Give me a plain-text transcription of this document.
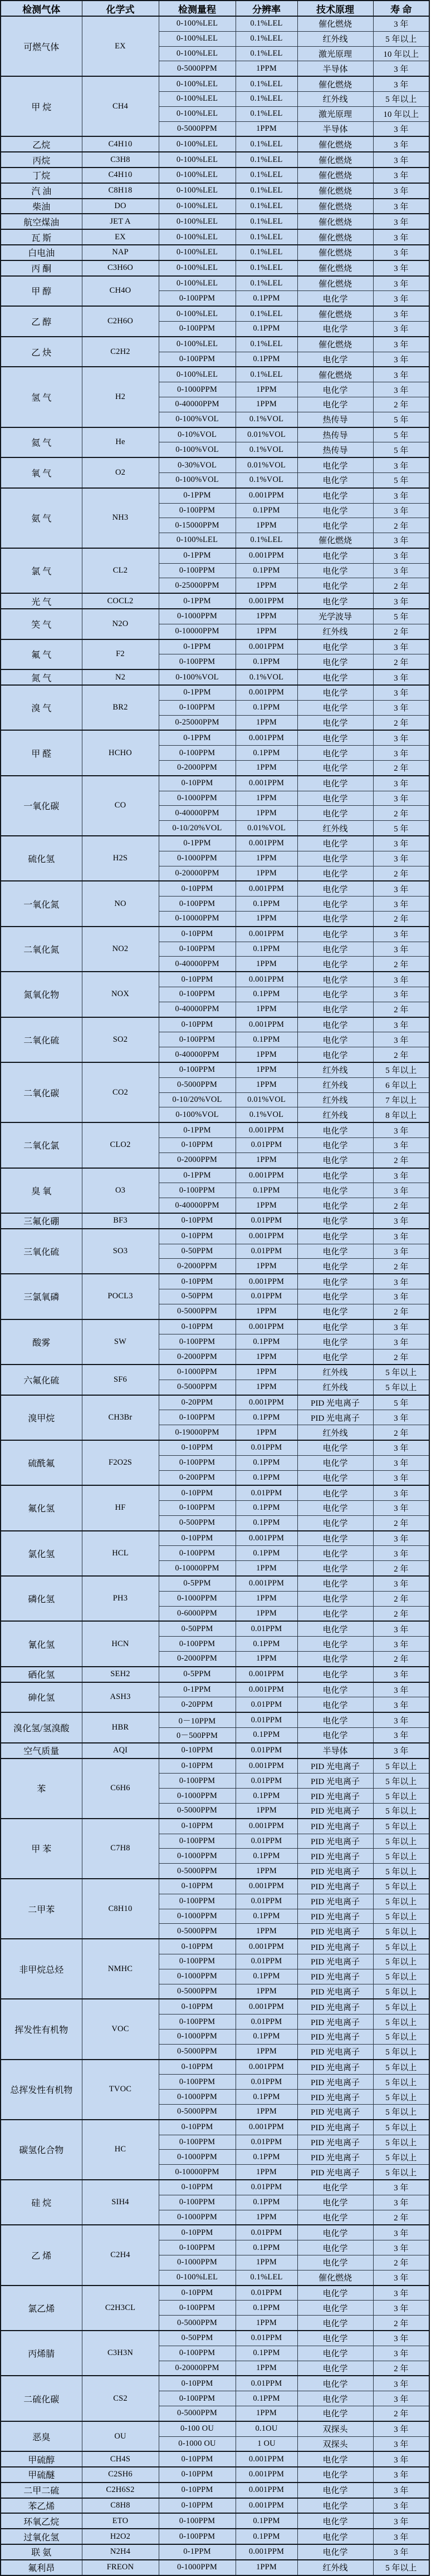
检测气体	化学式	检测量程	分辨率	技术原理	寿 命
可燃气体	EX	0-100%LEL	0.1%LEL	催化燃烧	3 年
		0-100%LEL	0.1%LEL	红外线	5 年以上
		0-100%LEL	0.1%LEL	激光原理	10 年以上
		0-5000PPM	1PPM	半导体	3 年
甲 烷	CH4	0-100%LEL	0.1%LEL	催化燃烧	3 年
		0-100%LEL	0.1%LEL	红外线	5 年以上
		0-100%LEL	0.1%LEL	激光原理	10 年以上
		0-5000PPM	1PPM	半导体	3 年
乙烷	C4H10	0-100%LEL	0.1%LEL	催化燃烧	3 年
丙烷	C3H8	0-100%LEL	0.1%LEL	催化燃烧	3 年
丁烷	C4H10	0-100%LEL	0.1%LEL	催化燃烧	3 年
汽 油	C8H18	0-100%LEL	0.1%LEL	催化燃烧	3 年
柴油	DO	0-100%LEL	0.1%LEL	催化燃烧	3 年
航空煤油	JET A	0-100%LEL	0.1%LEL	催化燃烧	3 年
瓦 斯	EX	0-100%LEL	0.1%LEL	催化燃烧	3 年
白电油	NAP	0-100%LEL	0.1%LEL	催化燃烧	3 年
丙 酮	C3H6O	0-100%LEL	0.1%LEL	催化燃烧	3 年
甲 醇	CH4O	0-100%LEL	0.1%LEL	催化燃烧	3 年
		0-100PPM	0.1PPM	电化学	3 年
乙 醇	C2H6O	0-100%LEL	0.1%LEL	催化燃烧	3 年
		0-100PPM	0.1PPM	电化学	3 年
乙 炔	C2H2	0-100%LEL	0.1%LEL	催化燃烧	3 年
		0-100PPM	0.1PPM	电化学	3 年
氢 气	H2	0-100%LEL	0.1%LEL	催化燃烧	3 年
		0-1000PPM	1PPM	电化学	3 年
		0-40000PPM	1PPM	电化学	2 年
		0-100%VOL	0.1%VOL	热传导	5 年
氦 气	He	0-10%VOL	0.01%VOL	热传导	5 年
		0-100%VOL	0.1%VOL	热传导	5 年
氧 气	O2	0-30%VOL	0.01%VOL	电化学	3 年
		0-100%VOL	0.1%VOL	电化学	5 年
氨 气	NH3	0-1PPM	0.001PPM	电化学	3 年
		0-100PPM	0.1PPM	电化学	3 年
		0-15000PPM	1PPM	电化学	2 年
		0-100%LEL	0.1%LEL	催化燃烧	3 年
氯 气	CL2	0-1PPM	0.001PPM	电化学	3 年
		0-100PPM	0.1PPM	电化学	3 年
		0-25000PPM	1PPM	电化学	2 年
光 气	COCL2	0-1PPM	0.001PPM	电化学	3 年
笑 气	N2O	0-1000PPM	1PPM	光学波导	5 年
		0-10000PPM	1PPM	红外线	2 年
氟 气	F2	0-1PPM	0.001PPM	电化学	3 年
		0-100PPM	0.1PPM	电化学	2 年
氮 气	N2	0-100%VOL	0.1%VOL	电化学	3 年
溴 气	BR2	0-1PPM	0.001PPM	电化学	3 年
		0-100PPM	0.1PPM	电化学	3 年
		0-25000PPM	1PPM	电化学	2 年
甲 醛	HCHO	0-1PPM	0.001PPM	电化学	3 年
		0-100PPM	0.1PPM	电化学	3 年
		0-2000PPM	1PPM	电化学	2 年
一氧化碳	CO	0-10PPM	0.001PPM	电化学	3 年
		0-1000PPM	1PPM	电化学	3 年
		0-40000PPM	1PPM	电化学	2 年
		0-10/20%VOL	0.01%VOL	红外线	5 年
硫化氢	H2S	0-1PPM	0.001PPM	电化学	3 年
		0-1000PPM	1PPM	电化学	3 年
		0-20000PPM	1PPM	电化学	2 年
一氧化氮	NO	0-10PPM	0.001PPM	电化学	3 年
		0-100PPM	0.1PPM	电化学	3 年
		0-10000PPM	1PPM	电化学	2 年
二氧化氮	NO2	0-10PPM	0.001PPM	电化学	3 年
		0-100PPM	0.1PPM	电化学	3 年
		0-40000PPM	1PPM	电化学	2 年
氮氧化物	NOX	0-10PPM	0.001PPM	电化学	3 年
		0-100PPM	0.1PPM	电化学	3 年
		0-40000PPM	1PPM	电化学	2 年
二氧化硫	SO2	0-10PPM	0.001PPM	电化学	3 年
		0-100PPM	0.1PPM	电化学	3 年
		0-40000PPM	1PPM	电化学	2 年
二氧化碳	CO2	0-100PPM	1PPM	红外线	5 年以上
		0-5000PPM	1PPM	红外线	6 年以上
		0-10/20%VOL	0.01%VOL	红外线	7 年以上
		0-100%VOL	0.1%VOL	红外线	8 年以上
二氧化氯	CLO2	0-1PPM	0.001PPM	电化学	3 年
		0-10PPM	0.01PPM	电化学	3 年
		0-2000PPM	1PPM	电化学	2 年
臭 氧	O3	0-1PPM	0.001PPM	电化学	3 年
		0-100PPM	0.1PPM	电化学	3 年
		0-40000PPM	1PPM	电化学	2 年
三氟化硼	BF3	0-10PPM	0.01PPM	电化学	3 年
三氧化硫	SO3	0-10PPM	0.001PPM	电化学	3 年
		0-50PPM	0.01PPM	电化学	3 年
		0-2000PPM	1PPM	电化学	2 年
三氯氧磷	POCL3	0-10PPM	0.001PPM	电化学	3 年
		0-50PPM	0.01PPM	电化学	3 年
		0-5000PPM	1PPM	电化学	2 年
酸雾	SW	0-10PPM	0.001PPM	电化学	3 年
		0-100PPM	0.1PPM	电化学	3 年
		0-2000PPM	1PPM	电化学	2 年
六氟化硫	SF6	0-1000PPM	1PPM	红外线	5 年以上
		0-5000PPM	1PPM	红外线	5 年以上
溴甲烷	CH3Br	0-20PPM	0.001PPM	PID 光电离子	5 年
		0-100PPM	0.1PPM	PID 光电离子	3 年
		0-19000PPM	1PPM	红外线	2 年
硫酰氟	F2O2S	0-10PPM	0.01PPM	电化学	3 年
		0-100PPM	0.1PPM	电化学	3 年
		0-200PPM	0.1PPM	电化学	3 年
氟化氢	HF	0-10PPM	0.01PPM	电化学	3 年
		0-100PPM	0.1PPM	电化学	3 年
		0-500PPM	0.1PPM	电化学	2 年
氯化氢	HCL	0-10PPM	0.001PPM	电化学	3 年
		0-100PPM	0.1PPM	电化学	3 年
		0-10000PPM	1PPM	电化学	2 年
磷化氢	PH3	0-5PPM	0.001PPM	电化学	3 年
		0-1000PPM	1PPM	电化学	2 年
		0-6000PPM	1PPM	电化学	2 年
氰化氢	HCN	0-50PPM	0.01PPM	电化学	3 年
		0-100PPM	0.1PPM	电化学	3 年
		0-2000PPM	1PPM	电化学	2 年
硒化氢	SEH2	0-5PPM	0.001PPM	电化学	3 年
砷化氢	ASH3	0-1PPM	0.001PPM	电化学	3 年
		0-20PPM	0.01PPM	电化学	3 年
溴化氢/氢溴酸	HBR	0－10PPM	0.01PPM	电化学	3 年
		0－500PPM	0.1PPM	电化学	3 年
空气质量	AQI	0-10PPM	0.01PPM	半导体	3 年
苯	C6H6	0-10PPM	0.001PPM	PID 光电离子	5 年以上
		0-100PPM	0.01PPM	PID 光电离子	5 年以上
		0-1000PPM	0.1PPM	PID 光电离子	5 年以上
		0-5000PPM	1PPM	PID 光电离子	5 年以上
甲 苯	C7H8	0-10PPM	0.001PPM	PID 光电离子	5 年以上
		0-100PPM	0.01PPM	PID 光电离子	5 年以上
		0-1000PPM	0.1PPM	PID 光电离子	5 年以上
		0-5000PPM	1PPM	PID 光电离子	5 年以上
二甲苯	C8H10	0-10PPM	0.001PPM	PID 光电离子	5 年以上
		0-100PPM	0.01PPM	PID 光电离子	5 年以上
		0-1000PPM	0.1PPM	PID 光电离子	5 年以上
		0-5000PPM	1PPM	PID 光电离子	5 年以上
非甲烷总烃	NMHC	0-10PPM	0.001PPM	PID 光电离子	5 年以上
		0-100PPM	0.01PPM	PID 光电离子	5 年以上
		0-1000PPM	0.1PPM	PID 光电离子	5 年以上
		0-5000PPM	1PPM	PID 光电离子	5 年以上
挥发性有机物	VOC	0-10PPM	0.001PPM	PID 光电离子	5 年以上
		0-100PPM	0.01PPM	PID 光电离子	5 年以上
		0-1000PPM	0.1PPM	PID 光电离子	5 年以上
		0-5000PPM	1PPM	PID 光电离子	5 年以上
总挥发性有机物	TVOC	0-10PPM	0.001PPM	PID 光电离子	5 年以上
		0-100PPM	0.01PPM	PID 光电离子	5 年以上
		0-1000PPM	0.1PPM	PID 光电离子	5 年以上
		0-5000PPM	1PPM	PID 光电离子	5 年以上
碳氢化合物	HC	0-10PPM	0.001PPM	PID 光电离子	5 年以上
		0-100PPM	0.01PPM	PID 光电离子	5 年以上
		0-1000PPM	0.1PPM	PID 光电离子	5 年以上
		0-10000PPM	1PPM	PID 光电离子	5 年以上
硅 烷	SIH4	0-10PPM	0.01PPM	电化学	3 年
		0-100PPM	0.1PPM	电化学	3 年
		0-1000PPM	1PPM	电化学	2 年
乙 烯	C2H4	0-10PPM	0.01PPM	电化学	3 年
		0-100PPM	0.1PPM	电化学	3 年
		0-1000PPM	1PPM	电化学	2 年
		0-100%LEL	0.1%LEL	催化燃烧	3 年
氯乙烯	C2H3CL	0-10PPM	0.01PPM	电化学	3 年
		0-100PPM	0.1PPM	电化学	3 年
		0-5000PPM	1PPM	电化学	2 年
丙烯腈	C3H3N	0-50PPM	0.01PPM	电化学	3 年
		0-100PPM	0.1PPM	电化学	3 年
		0-20000PPM	1PPM	电化学	2 年
二硫化碳	CS2	0-10PPM	0.01PPM	电化学	3 年
		0-100PPM	0.1PPM	电化学	3 年
		0-5000PPM	1PPM	电化学	2 年
恶臭	OU	0-100 OU	0.1OU	双探头	3 年
		0-1000 OU	1 OU	双探头	3 年
甲硫醇	CH4S	0-10PPM	0.001PPM	电化学	3 年
甲硫醚	C2SH6	0-10PPM	0.001PPM	电化学	3 年
二甲二硫	C2H6S2	0-10PPM	0.001PPM	电化学	3 年
苯乙烯	C8H8	0-10PPM	0.001PPM	电化学	3 年
环氧乙烷	ETO	0-100PPM	0.1PPM	电化学	3 年
过氧化氢	H2O2	0-100PPM	0.1PPM	电化学	3 年
联 氨	N2H4	0-1PPM	0.001PPM	电化学	3 年
氟利昂	FREON	0-1000PPM	1PPM	红外线	5 年以上
